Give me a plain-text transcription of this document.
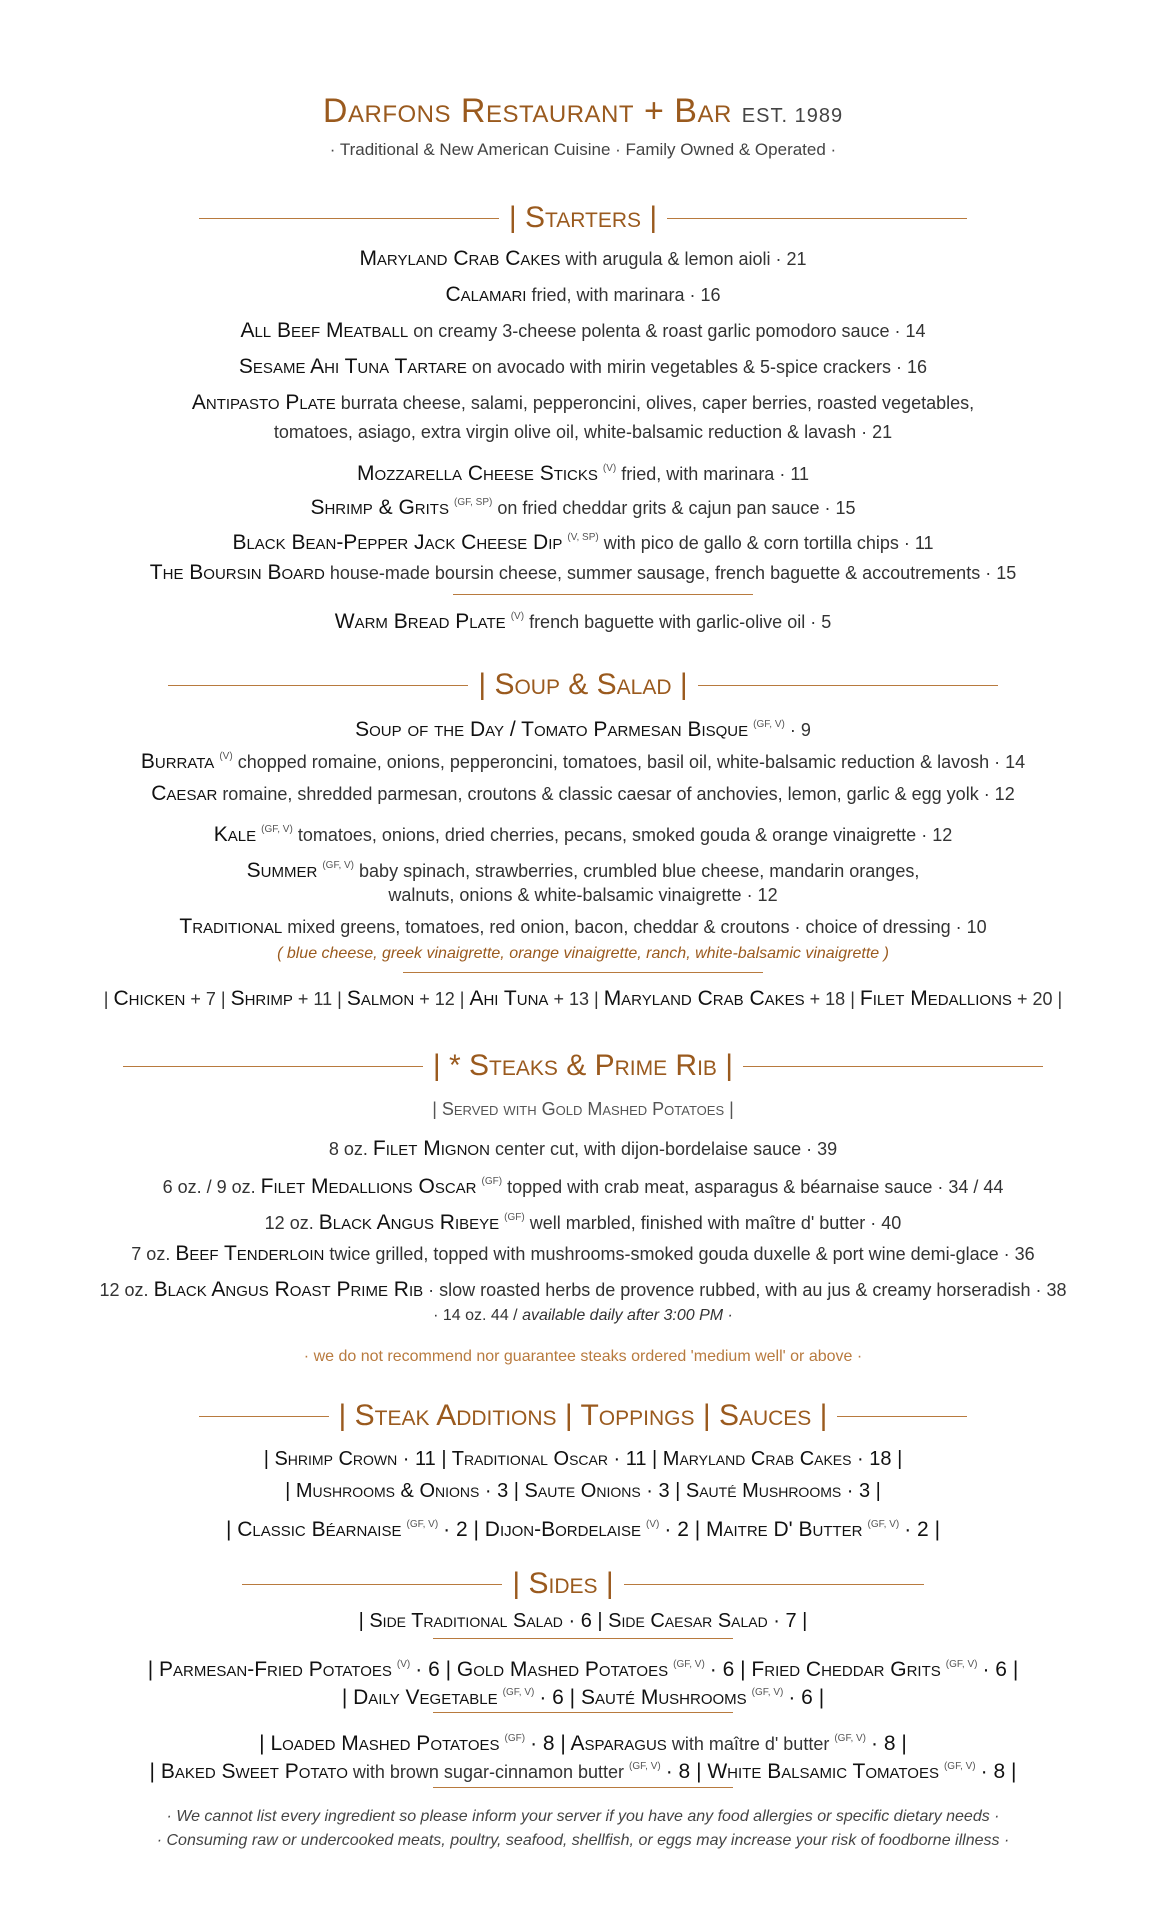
Darfons Restaurant + Bar EST. 1989
· Traditional & New American Cuisine · Family Owned & Operated ·
| Starters |
Maryland Crab Cakes with arugula & lemon aioli · 21
Calamari fried, with marinara · 16
All Beef Meatball on creamy 3-cheese polenta & roast garlic pomodoro sauce · 14
Sesame Ahi Tuna Tartare on avocado with mirin vegetables & 5-spice crackers · 16
Antipasto Plate burrata cheese, salami, pepperoncini, olives, caper berries, roasted vegetables,
tomatoes, asiago, extra virgin olive oil, white-balsamic reduction & lavash · 21
Mozzarella Cheese Sticks $^{(V)}$ fried, with marinara · 11
Shrimp & Grits $^{(GF, SP)}$ on fried cheddar grits & cajun pan sauce · 15
Black Bean-Pepper Jack Cheese Dip $^{(V, SP)}$ with pico de gallo & corn tortilla chips · 11
The Boursin Board house-made boursin cheese, summer sausage, french baguette & accoutrements · 15
Warm Bread Plate $^{(V)}$ french baguette with garlic-olive oil · 5
| Soup & Salad |
Soup of the Day / Tomato Parmesan Bisque $^{(GF, V)}$ · 9
Burrata $^{(V)}$ chopped romaine, onions, pepperoncini, tomatoes, basil oil, white-balsamic reduction & lavosh · 14
Caesar romaine, shredded parmesan, croutons & classic caesar of anchovies, lemon, garlic & egg yolk · 12
Kale $^{(GF, V)}$ tomatoes, onions, dried cherries, pecans, smoked gouda & orange vinaigrette · 12
Summer $^{(GF, V)}$ baby spinach, strawberries, crumbled blue cheese, mandarin oranges,
walnuts, onions & white-balsamic vinaigrette · 12
Traditional mixed greens, tomatoes, red onion, bacon, cheddar & croutons · choice of dressing · 10
( blue cheese, greek vinaigrette, orange vinaigrette, ranch, white-balsamic vinaigrette )
| Chicken + 7 | Shrimp + 11 | Salmon + 12 | Ahi Tuna + 13 | Maryland Crab Cakes + 18 | Filet Medallions + 20 |
| * Steaks & Prime Rib |
| Served with Gold Mashed Potatoes |
8 oz. Filet Mignon center cut, with dijon-bordelaise sauce · 39
6 oz. / 9 oz. Filet Medallions Oscar $^{(GF)}$ topped with crab meat, asparagus & béarnaise sauce · 34 / 44
12 oz. Black Angus Ribeye $^{(GF)}$ well marbled, finished with maître d' butter · 40
7 oz. Beef Tenderloin twice grilled, topped with mushrooms-smoked gouda duxelle & port wine demi-glace · 36
12 oz. Black Angus Roast Prime Rib · slow roasted herbs de provence rubbed, with au jus & creamy horseradish · 38
· 14 oz. 44 / available daily after 3:00 PM ·
· we do not recommend nor guarantee steaks ordered 'medium well' or above ·
| Steak Additions | Toppings | Sauces |
| Shrimp Crown · 11 | Traditional Oscar · 11 | Maryland Crab Cakes · 18 |
| Mushrooms & Onions · 3 | Saute Onions · 3 | Sauté Mushrooms · 3 |
| Classic Béarnaise $^{(GF, V)}$ · 2 | Dijon-Bordelaise $^{(V)}$ · 2 | Maitre D' Butter $^{(GF, V)}$ · 2 |
| Sides |
| Side Traditional Salad · 6 | Side Caesar Salad · 7 |
| Parmesan-Fried Potatoes $^{(V)}$ · 6 | Gold Mashed Potatoes $^{(GF, V)}$ · 6 | Fried Cheddar Grits $^{(GF, V)}$ · 6 |
| Daily Vegetable $^{(GF, V)}$ · 6 | Sauté Mushrooms $^{(GF, V)}$ · 6 |
| Loaded Mashed Potatoes $^{(GF)}$ · 8 | Asparagus with maître d' butter $^{(GF, V)}$ · 8 |
| Baked Sweet Potato with brown sugar-cinnamon butter $^{(GF, V)}$ · 8 | White Balsamic Tomatoes $^{(GF, V)}$ · 8 |
· We cannot list every ingredient so please inform your server if you have any food allergies or specific dietary needs ·
· Consuming raw or undercooked meats, poultry, seafood, shellfish, or eggs may increase your risk of foodborne illness ·
